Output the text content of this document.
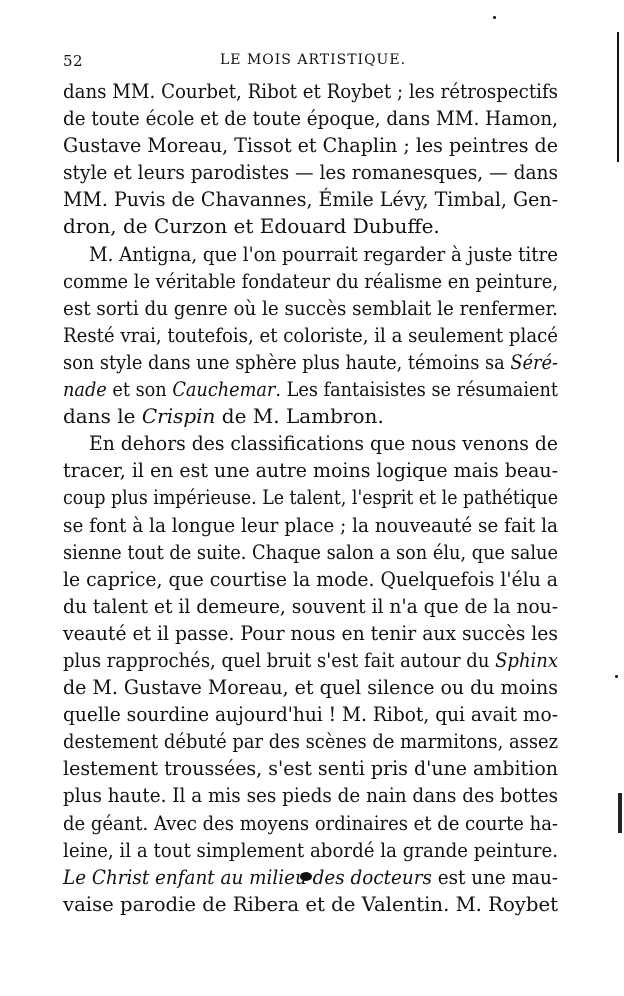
52	LE MOIS ARTISTIQUE.
dans MM. Courbet, Ribot et Roybet ; les rétrospectifs
de toute école et de toute époque, dans MM. Hamon,
Gustave Moreau, Tissot et Chaplin ; les peintres de
style et leurs parodistes — les romanesques, — dans
MM. Puvis de Chavannes, Émile Lévy, Timbal, Gen-
dron, de Curzon et Edouard Dubuffe.
M. Antigna, que l'on pourrait regarder à juste titre
comme le véritable fondateur du réalisme en peinture,
est sorti du genre où le succès semblait le renfermer.
Resté vrai, toutefois, et coloriste, il a seulement placé
son style dans une sphère plus haute, témoins sa Séré-
nade et son Cauchemar. Les fantaisistes se résumaient
dans le Crispin de M. Lambron.
En dehors des classifications que nous venons de
tracer, il en est une autre moins logique mais beau-
coup plus impérieuse. Le talent, l'esprit et le pathétique
se font à la longue leur place ; la nouveauté se fait la
sienne tout de suite. Chaque salon a son élu, que salue
le caprice, que courtise la mode. Quelquefois l'élu a
du talent et il demeure, souvent il n'a que de la nou-
veauté et il passe. Pour nous en tenir aux succès les
plus rapprochés, quel bruit s'est fait autour du Sphinx
de M. Gustave Moreau, et quel silence ou du moins
quelle sourdine aujourd'hui ! M. Ribot, qui avait mo-
destement débuté par des scènes de marmitons, assez
lestement troussées, s'est senti pris d'une ambition
plus haute. Il a mis ses pieds de nain dans des bottes
de géant. Avec des moyens ordinaires et de courte ha-
leine, il a tout simplement abordé la grande peinture.
Le Christ enfant au milieu des docteurs est une mau-
vaise parodie de Ribera et de Valentin. M. Roybet
